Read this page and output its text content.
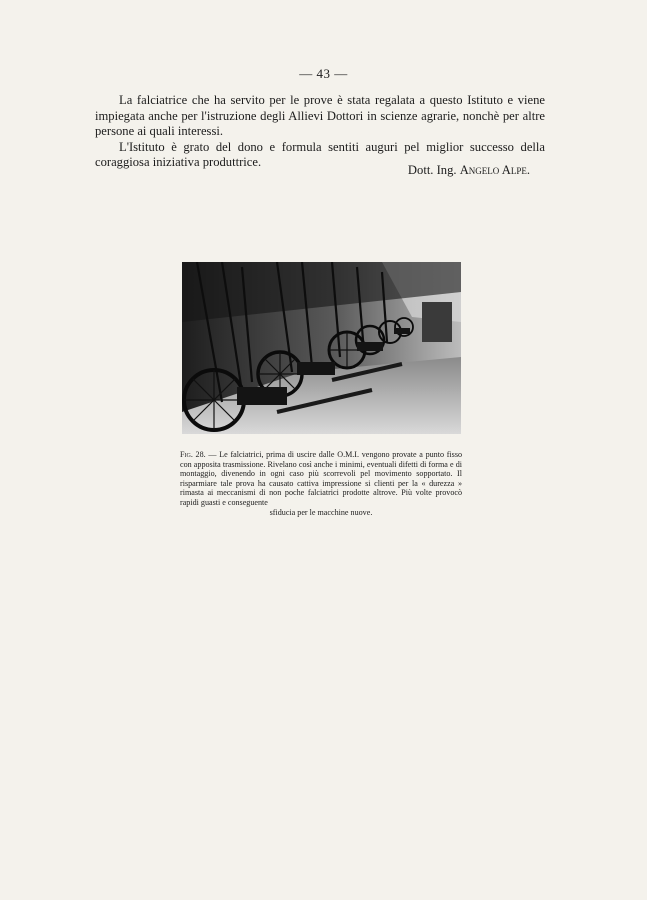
— 43 —

La falciatrice che ha servito per le prove è stata regalata a questo Istituto e viene impiegata anche per l'istruzione degli Allievi Dottori in scienze agrarie, nonchè per altre persone ai quali interessi.

L'Istituto è grato del dono e formula sentiti auguri pel miglior successo della coraggiosa iniziativa produttrice.

Dott. Ing. Angelo Alpe.
Fig. 28. — Le falciatrici, prima di uscire dalle O.M.I. vengono provate a punto fisso con apposita trasmissione. Rivelano così anche i minimi, eventuali difetti di forma e di montaggio, divenendo in ogni caso più scorrevoli pel movimento sopportato. Il risparmiare tale prova ha causato cattiva impressione si clienti per la « durezza » rimasta ai meccanismi di non poche falciatrici prodotte altrove. Più volte provocò rapidi guasti e conseguente
sfiducia per le macchine nuove.
